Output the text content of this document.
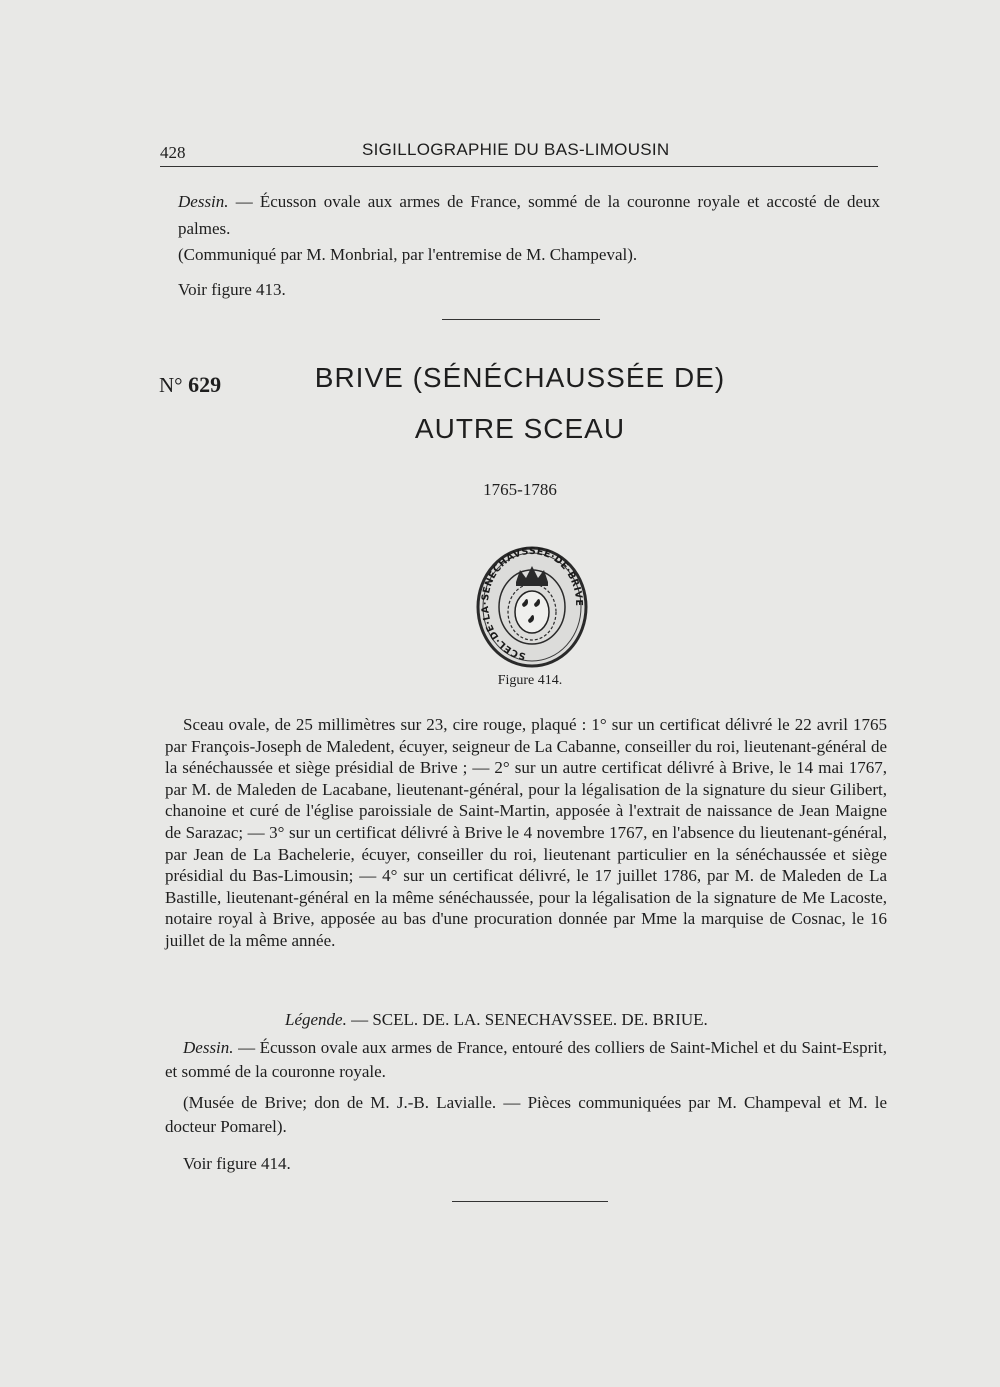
428	SIGILLOGRAPHIE DU BAS-LIMOUSIN

Dessin. — Écusson ovale aux armes de France, sommé de la couronne royale et accosté de deux palmes.

(Communiqué par M. Monbrial, par l'entremise de M. Champeval).

Voir figure 413.

N° 629	BRIVE (SÉNÉCHAUSSÉE DE)
AUTRE SCEAU
1765-1786
SCEL·DE·LA·SENECHAVSSEE·DE·BRIVE
Figure 414.

Sceau ovale, de 25 millimètres sur 23, cire rouge, plaqué : 1° sur un certificat délivré le 22 avril 1765 par François-Joseph de Maledent, écuyer, seigneur de La Cabanne, conseiller du roi, lieutenant-général de la sénéchaussée et siège présidial de Brive ; — 2° sur un autre certificat délivré à Brive, le 14 mai 1767, par M. de Maleden de Lacabane, lieutenant-général, pour la légalisation de la signature du sieur Gilibert, chanoine et curé de l'église paroissiale de Saint-Martin, apposée à l'extrait de naissance de Jean Maigne de Sarazac; — 3° sur un certificat délivré à Brive le 4 novembre 1767, en l'absence du lieutenant-général, par Jean de La Bachelerie, écuyer, conseiller du roi, lieutenant particulier en la sénéchaussée et siège présidial du Bas-Limousin; — 4° sur un certificat délivré, le 17 juillet 1786, par M. de Maleden de La Bastille, lieutenant-général en la même sénéchaussée, pour la légalisation de la signature de Me Lacoste, notaire royal à Brive, apposée au bas d'une procuration donnée par Mme la marquise de Cosnac, le 16 juillet de la même année.

Légende. — SCEL. DE. LA. SENECHAVSSEE. DE. BRIUE.

Dessin. — Écusson ovale aux armes de France, entouré des colliers de Saint-Michel et du Saint-Esprit, et sommé de la couronne royale.

(Musée de Brive; don de M. J.-B. Lavialle. — Pièces communiquées par M. Champeval et M. le docteur Pomarel).

Voir figure 414.
